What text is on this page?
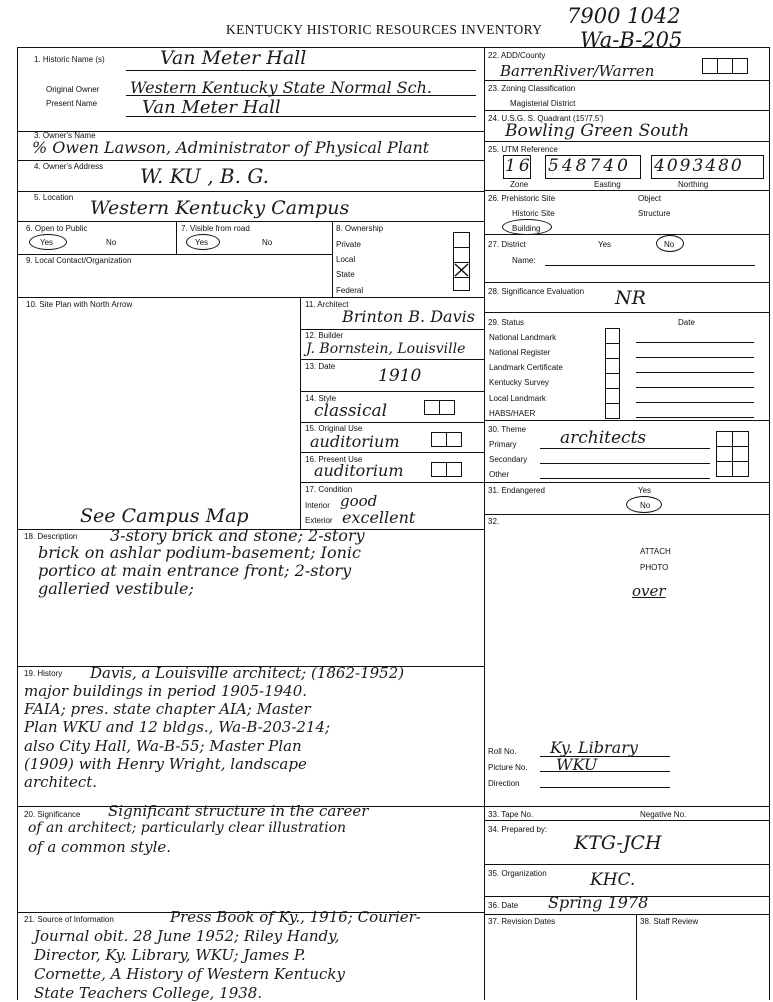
KENTUCKY HISTORIC RESOURCES INVENTORY
7900 1042
Wa-B-205
1. Historic Name (s)	Van Meter Hall
Original Owner Western Kentucky State Normal Sch.
Present Name Van Meter Hall
3. Owner's Name
% Owen Lawson, Administrator of Physical Plant
4. Owner's Address W. KU , B. G.
5. Location Western Kentucky Campus
6. Open to Public
Yes	No
7. Visible from road
Yes	No
8. Ownership
Private
Local
State
Federal
9. Local Contact/Organization
10. Site Plan with North Arrow
See Campus Map
11. Architect
Brinton B. Davis
12. Builder
J. Bornstein, Louisville
13. Date	1910
14. Style
classical
15. Original Use
auditorium
16. Present Use
auditorium
17. Condition
Interior good
Exterior excellent
18. Description 3-story brick and stone; 2-story
brick on ashlar podium-basement; Ionic
portico at main entrance front; 2-story
galleried vestibule;
19. History Davis, a Louisville architect; (1862-1952)
major buildings in period 1905-1940.
FAIA; pres. state chapter AIA; Master
Plan WKU and 12 bldgs., Wa-B-203-214;
also City Hall, Wa-B-55; Master Plan
(1909) with Henry Wright, landscape
architect.
20. Significance Significant structure in the career
of an architect; particularly clear illustration
of a common style.
21. Source of Information	Press Book of Ky., 1916; Courier-
Journal obit. 28 June 1952; Riley Handy,
Director, Ky. Library, WKU; James P.
Cornette, A History of Western Kentucky
State Teachers College, 1938.
22. ADD/County
BarrenRiver/Warren
23. Zoning Classification
Magisterial District
24. U.S.G. S. Quadrant (15'/7.5')
Bowling Green South
25. UTM Reference
16 548740 4093480
Zone	Easting	Northing
26. Prehistoric Site	Object
Historic Site	Structure
Building
27. District	Yes	No
Name:
28. Significance Evaluation NR
29. Status	Date
National Landmark
National Register
Landmark Certificate
Kentucky Survey
Local Landmark
HABS/HAER
30. Theme
Primary	architects
Secondary
Other
31. Endangered	Yes
No
32.
ATTACH
PHOTO
over
Roll No. Ky. Library
Picture No. WKU
Direction
33. Tape No.	Negative No.
34. Prepared by:
KTG-JCH
35. Organization	KHC.
36. Date Spring 1978
37. Revision Dates	38. Staff Review
